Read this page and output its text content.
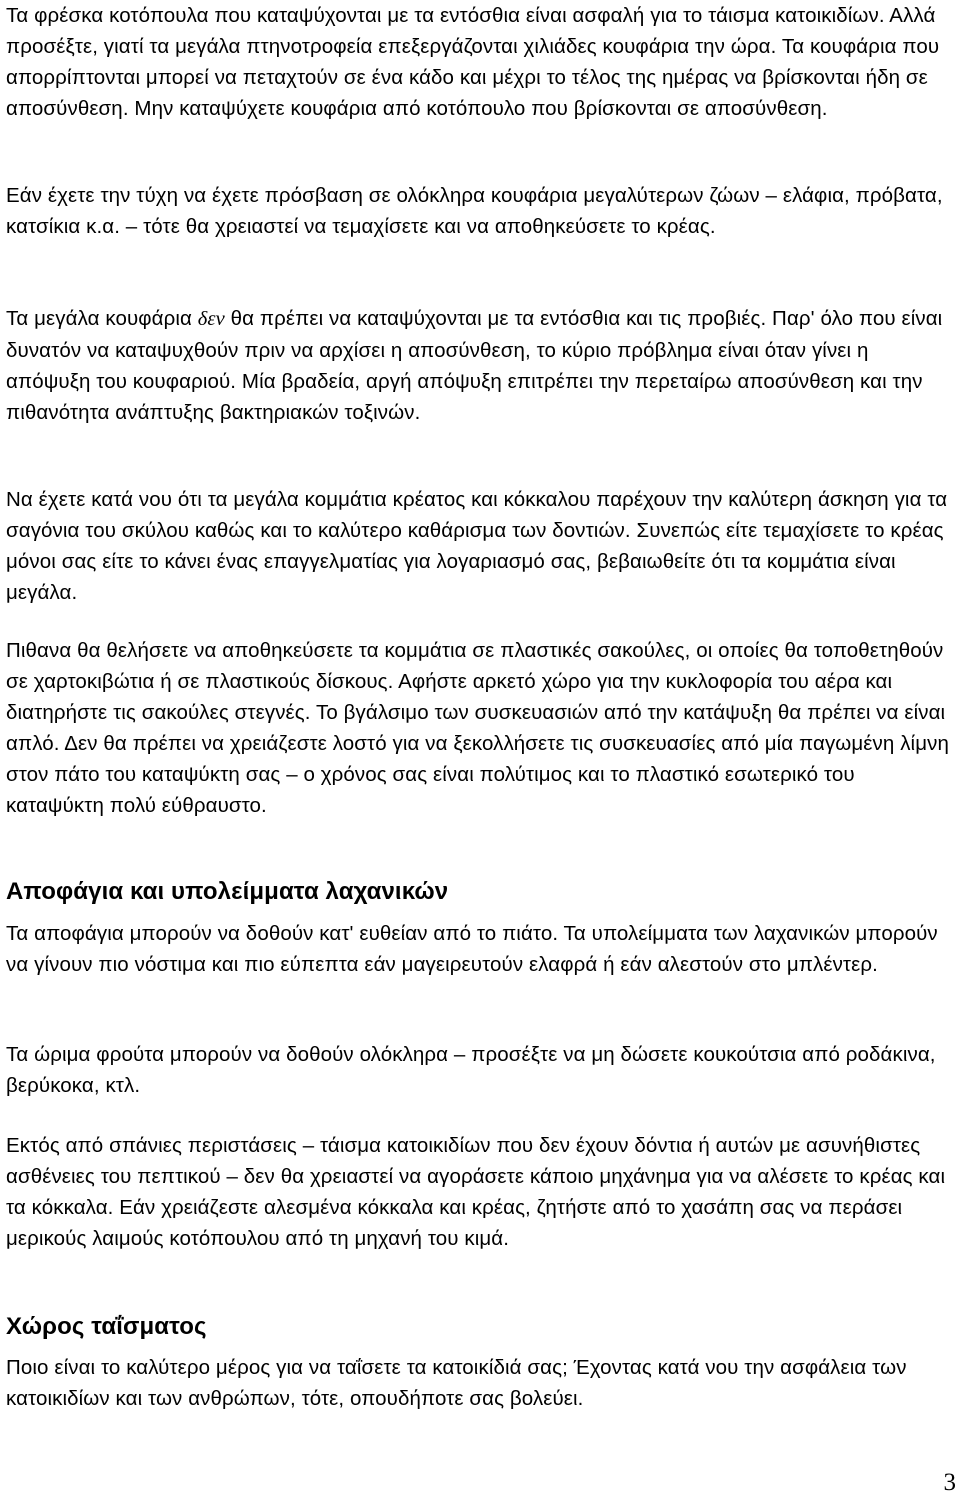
Τα φρέσκα κοτόπουλα που καταψύχονται με τα εντόσθια είναι ασφαλή για το τάισμα κατοικιδίων. Αλλά προσέξτε, γιατί τα μεγάλα πτηνοτροφεία επεξεργάζονται χιλιάδες κουφάρια την ώρα. Τα κουφάρια που απορρίπτονται μπορεί να πεταχτούν σε ένα κάδο και μέχρι το τέλος της ημέρας να βρίσκονται ήδη σε αποσύνθεση. Μην καταψύχετε κουφάρια από κοτόπουλο που βρίσκονται σε αποσύνθεση.

Εάν έχετε την τύχη να έχετε πρόσβαση σε ολόκληρα κουφάρια μεγαλύτερων ζώων – ελάφια, πρόβατα, κατσίκια κ.α. – τότε θα χρειαστεί να τεμαχίσετε και να αποθηκεύσετε το κρέας.

Τα μεγάλα κουφάρια δεν θα πρέπει να καταψύχονται με τα εντόσθια και τις προβιές. Παρ' όλο που είναι δυνατόν να καταψυχθούν πριν να αρχίσει η αποσύνθεση, το κύριο πρόβλημα είναι όταν γίνει η απόψυξη του κουφαριού. Μία βραδεία, αργή απόψυξη επιτρέπει την περεταίρω αποσύνθεση και την πιθανότητα ανάπτυξης βακτηριακών τοξινών.

Να έχετε κατά νου ότι τα μεγάλα κομμάτια κρέατος και κόκκαλου παρέχουν την καλύτερη άσκηση για τα σαγόνια του σκύλου καθώς και το καλύτερο καθάρισμα των δοντιών. Συνεπώς είτε τεμαχίσετε το κρέας μόνοι σας είτε το κάνει ένας επαγγελματίας για λογαριασμό σας, βεβαιωθείτε ότι τα κομμάτια είναι μεγάλα.

Πιθανα θα θελήσετε να αποθηκεύσετε τα κομμάτια σε πλαστικές σακούλες, οι οποίες θα τοποθετηθούν σε χαρτοκιβώτια ή σε πλαστικούς δίσκους. Αφήστε αρκετό χώρο για την κυκλοφορία του αέρα και διατηρήστε τις σακούλες στεγνές. Το βγάλσιμο των συσκευασιών από την κατάψυξη θα πρέπει να είναι απλό. Δεν θα πρέπει να χρειάζεστε λοστό για να ξεκολλήσετε τις συσκευασίες από μία παγωμένη λίμνη στον πάτο του καταψύκτη σας – ο χρόνος σας είναι πολύτιμος και το πλαστικό εσωτερικό του καταψύκτη πολύ εύθραυστο.

Αποφάγια και υπολείμματα λαχανικών

Τα αποφάγια μπορούν να δοθούν κατ' ευθείαν από το πιάτο. Τα υπολείμματα των λαχανικών μπορούν να γίνουν πιο νόστιμα και πιο εύπεπτα εάν μαγειρευτούν ελαφρά ή εάν αλεστούν στο μπλέντερ.

Τα ώριμα φρούτα μπορούν να δοθούν ολόκληρα – προσέξτε να μη δώσετε κουκούτσια από ροδάκινα, βερύκοκα, κτλ.

Εκτός από σπάνιες περιστάσεις – τάισμα κατοικιδίων που δεν έχουν δόντια ή αυτών με ασυνήθιστες ασθένειες του πεπτικού – δεν θα χρειαστεί να αγοράσετε κάποιο μηχάνημα για να αλέσετε το κρέας και τα κόκκαλα. Εάν χρειάζεστε αλεσμένα κόκκαλα και κρέας, ζητήστε από το χασάπη σας να περάσει μερικούς λαιμούς κοτόπουλου από τη μηχανή του κιμά.

Χώρος ταΐσματος

Ποιο είναι το καλύτερο μέρος για να ταΐσετε τα κατοικίδιά σας; Έχοντας κατά νου την ασφάλεια των κατοικιδίων και των ανθρώπων, τότε, οπουδήποτε σας βολεύει.

3
